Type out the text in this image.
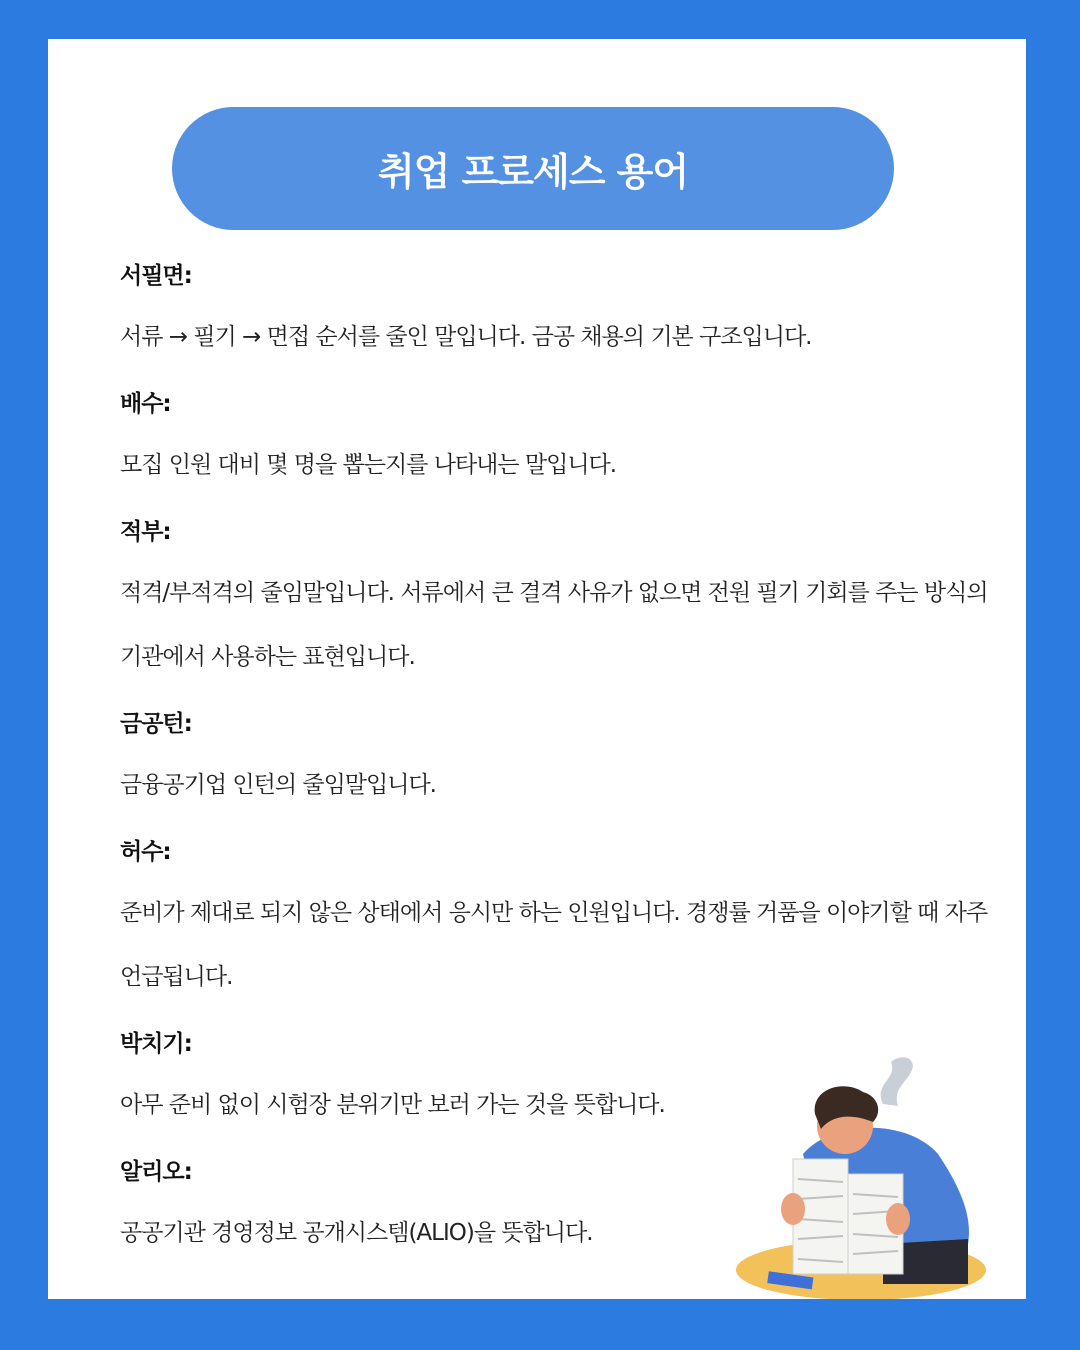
취업 프로세스 용어
서필면:
서류 → 필기 → 면접 순서를 줄인 말입니다. 금공 채용의 기본 구조입니다.
배수:
모집 인원 대비 몇 명을 뽑는지를 나타내는 말입니다.
적부:
적격/부적격의 줄임말입니다. 서류에서 큰 결격 사유가 없으면 전원 필기 기회를 주는 방식의 기관에서 사용하는 표현입니다.
금공턴:
금융공기업 인턴의 줄임말입니다.
허수:
준비가 제대로 되지 않은 상태에서 응시만 하는 인원입니다. 경쟁률 거품을 이야기할 때 자주 언급됩니다.
박치기:
아무 준비 없이 시험장 분위기만 보러 가는 것을 뜻합니다.
알리오:
공공기관 경영정보 공개시스템(ALIO)을 뜻합니다.
